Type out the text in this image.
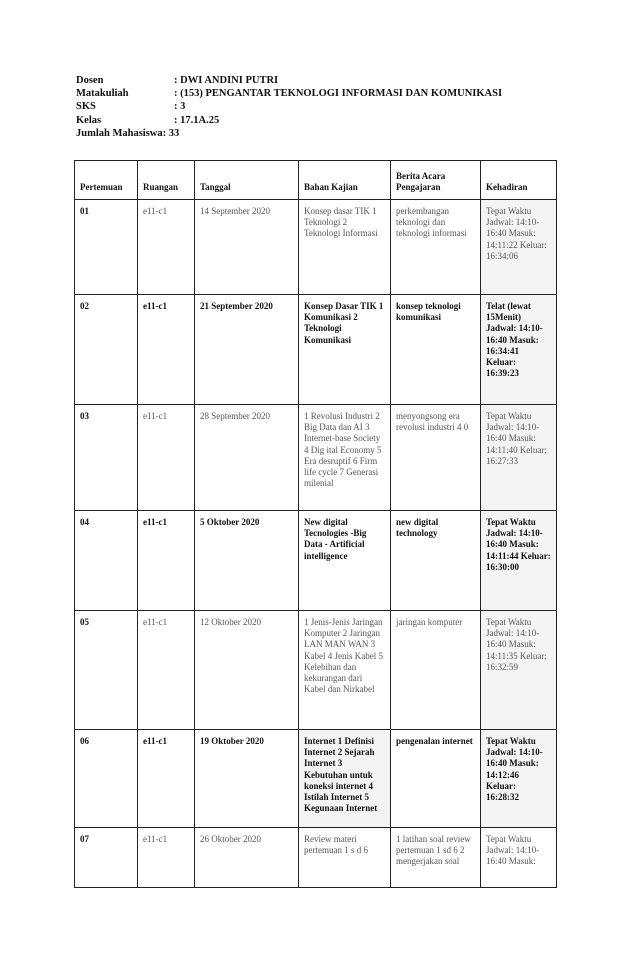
Dosen	: DWI ANDINI PUTRI
Matakuliah	: (153) PENGANTAR TEKNOLOGI INFORMASI DAN KOMUNIKASI
SKS	: 3
Kelas	: 17.1A.25
Jumlah Mahasiswa : 33
Pertemuan	Ruangan	Tanggal	Bahan Kajian	Berita Acara Pengajaran	Kehadiran
01	e11-c1	14 September 2020	Konsep dasar TIK 1 Teknologi 2 Teknologi Informasi	perkembangan teknologi dan teknologi informasi	Tepat Waktu Jadwal: 14:10-16:40 Masuk: 14:11:22 Keluar: 16:34:06
02	e11-c1	21 September 2020	Konsep Dasar TIK 1 Komunikasi 2 Teknologi Komunikasi	konsep teknologi komunikasi	Telat (lewat 15Menit) Jadwal: 14:10-16:40 Masuk: 16:34:41 Keluar: 16:39:23
03	e11-c1	28 September 2020	1 Revolusi Industri 2 Big Data dan AI 3 Internet-base Society 4 Dig ital Economy 5 Era desruptif 6 Firm life cycle 7 Generasi milenial	menyongsong era revolusi industri 4 0	Tepat Waktu Jadwal: 14:10-16:40 Masuk: 14:11:40 Keluar: 16:27:33
04	e11-c1	5 Oktober 2020	New digital Tecnologies -Big Data - Artificial intelligence	new digital technology	Tepat Waktu Jadwal: 14:10-16:40 Masuk: 14:11:44 Keluar: 16:30:00
05	e11-c1	12 Oktober 2020	1 Jenis-Jenis Jaringan Komputer 2 Jaringan LAN MAN WAN 3 Kabel 4 Jenis Kabel 5 Kelebihan dan kekurangan dari Kabel dan Nirkabel	jaringan komputer	Tepat Waktu Jadwal: 14:10-16:40 Masuk: 14:11:35 Keluar: 16:32:59
06	e11-c1	19 Oktober 2020	Internet 1 Definisi Internet 2 Sejarah Internet 3 Kebutuhan untuk koneksi internet 4 Istilah Internet 5 Kegunaan Internet	pengenalan internet	Tepat Waktu Jadwal: 14:10-16:40 Masuk: 14:12:46 Keluar: 16:28:32
07	e11-c1	26 Oktober 2020	Review materi pertemuan 1 s d 6	1 latihan soal review pertemuan 1 sd 6 2 mengerjakan soal	Tepat Waktu Jadwal: 14:10-16:40 Masuk:
